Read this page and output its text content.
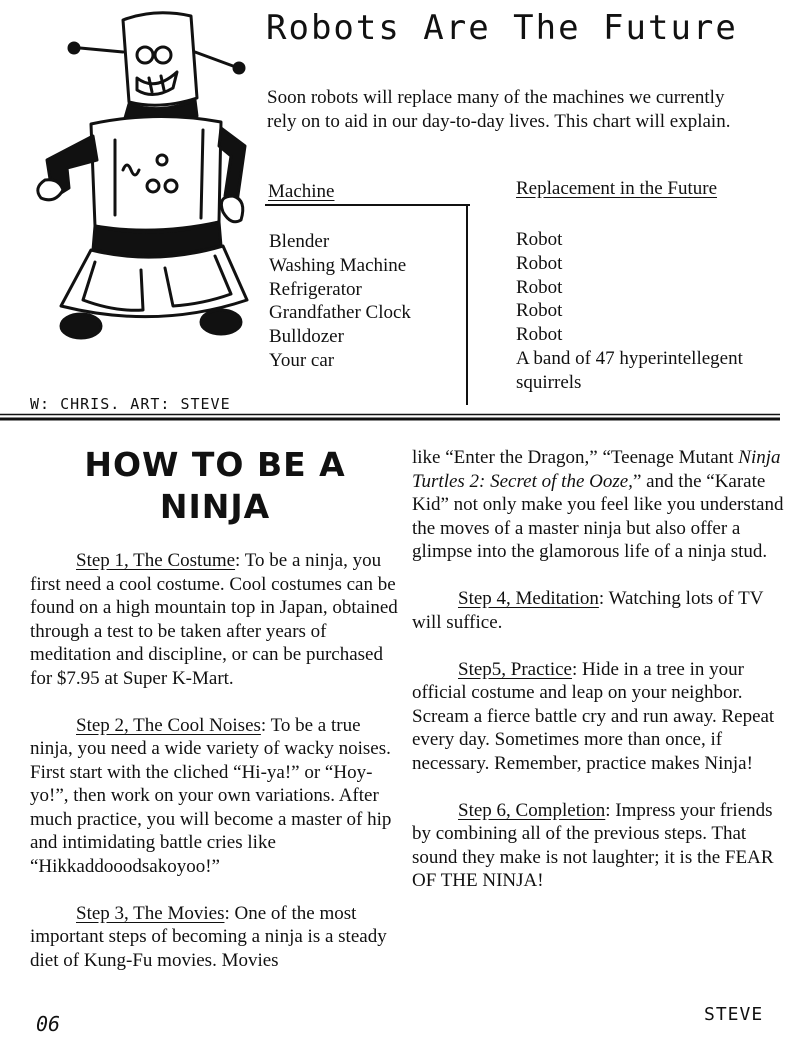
Robots Are The Future
Soon robots will replace many of the machines we currently rely on to aid in our day-to-day lives. This chart will explain.
Machine	Replacement in the Future
Blender
Washing Machine
Refrigerator
Grandfather Clock
Bulldozer
Your car
Robot
Robot
Robot
Robot
Robot
A band of 47 hyperintellegent squirrels
W: CHRIS. ART: STEVE
HOW TO BE A NINJA

Step 1, The Costume: To be a ninja, you first need a cool costume. Cool costumes can be found on a high mountain top in Japan, obtained through a test to be taken after years of meditation and discipline, or can be purchased for $7.95 at Super K-Mart.

Step 2, The Cool Noises: To be a true ninja, you need a wide variety of wacky noises. First start with the cliched “Hi-ya!” or “Hoy-yo!”, then work on your own variations. After much practice, you will become a master of hip and intimidating battle cries like “Hikkaddooodsakoyoo!”

Step 3, The Movies: One of the most important steps of becoming a ninja is a steady diet of Kung-Fu movies. Movies

like “Enter the Dragon,” “Teenage Mutant Ninja Turtles 2: Secret of the Ooze,” and the “Karate Kid” not only make you feel like you understand the moves of a master ninja but also offer a glimpse into the glamorous life of a ninja stud.

Step 4, Meditation: Watching lots of TV will suffice.

Step5, Practice: Hide in a tree in your official costume and leap on your neighbor. Scream a fierce battle cry and run away. Repeat every day. Sometimes more than once, if necessary. Remember, practice makes Ninja!

Step 6, Completion: Impress your friends by combining all of the previous steps. That sound they make is not laughter; it is the FEAR OF THE NINJA!

06	STEVE
